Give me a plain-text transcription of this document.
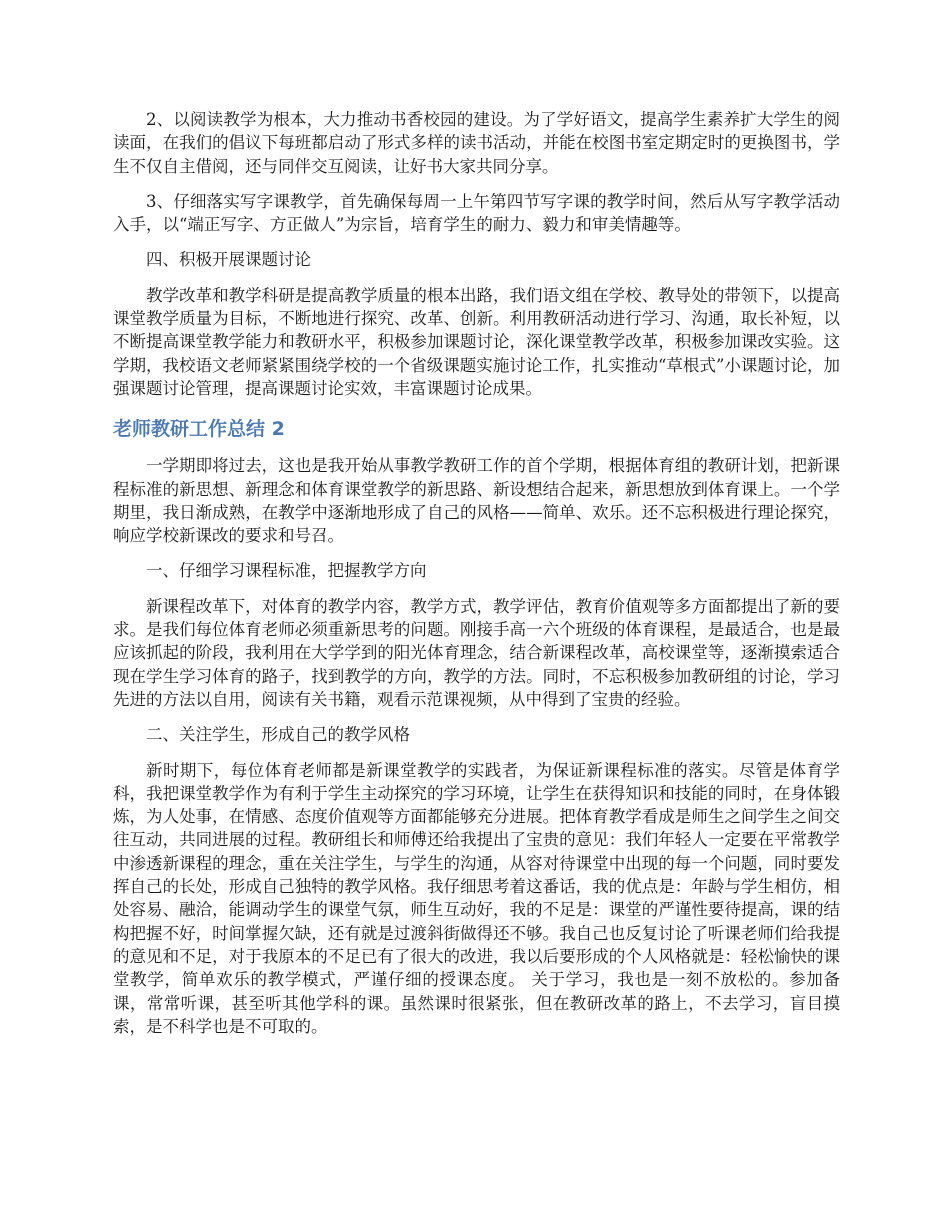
2、以阅读教学为根本，大力推动书香校园的建设。为了学好语文，提高学生素养扩大学生的阅读面，在我们的倡议下每班都启动了形式多样的读书活动，并能在校图书室定期定时的更换图书，学生不仅自主借阅，还与同伴交互阅读，让好书大家共同分享。

3、仔细落实写字课教学，首先确保每周一上午第四节写字课的教学时间，然后从写字教学活动入手，以“端正写字、方正做人”为宗旨，培育学生的耐力、毅力和审美情趣等。

四、积极开展课题讨论

教学改革和教学科研是提高教学质量的根本出路，我们语文组在学校、教导处的带领下，以提高课堂教学质量为目标，不断地进行探究、改革、创新。利用教研活动进行学习、沟通，取长补短，以不断提高课堂教学能力和教研水平，积极参加课题讨论，深化课堂教学改革，积极参加课改实验。这学期，我校语文老师紧紧围绕学校的一个省级课题实施讨论工作，扎实推动“草根式”小课题讨论，加强课题讨论管理，提高课题讨论实效，丰富课题讨论成果。

老师教研工作总结 2

一学期即将过去，这也是我开始从事教学教研工作的首个学期，根据体育组的教研计划，把新课程标准的新思想、新理念和体育课堂教学的新思路、新设想结合起来，新思想放到体育课上。一个学期里，我日渐成熟，在教学中逐渐地形成了自己的风格——简单、欢乐。还不忘积极进行理论探究，响应学校新课改的要求和号召。

一、仔细学习课程标准，把握教学方向

新课程改革下，对体育的教学内容，教学方式，教学评估，教育价值观等多方面都提出了新的要求。是我们每位体育老师必须重新思考的问题。刚接手高一六个班级的体育课程，是最适合，也是最应该抓起的阶段，我利用在大学学到的阳光体育理念，结合新课程改革，高校课堂等，逐渐摸索适合现在学生学习体育的路子，找到教学的方向，教学的方法。同时，不忘积极参加教研组的讨论，学习先进的方法以自用，阅读有关书籍，观看示范课视频，从中得到了宝贵的经验。

二、关注学生，形成自己的教学风格

新时期下，每位体育老师都是新课堂教学的实践者，为保证新课程标准的落实。尽管是体育学科，我把课堂教学作为有利于学生主动探究的学习环境，让学生在获得知识和技能的同时，在身体锻炼，为人处事，在情感、态度价值观等方面都能够充分进展。把体育教学看成是师生之间学生之间交往互动，共同进展的过程。教研组长和师傅还给我提出了宝贵的意见：我们年轻人一定要在平常教学中渗透新课程的理念，重在关注学生，与学生的沟通，从容对待课堂中出现的每一个问题，同时要发挥自己的长处，形成自己独特的教学风格。我仔细思考着这番话，我的优点是：年龄与学生相仿，相处容易、融洽，能调动学生的课堂气氛，师生互动好，我的不足是：课堂的严谨性要待提高，课的结构把握不好，时间掌握欠缺，还有就是过渡斜街做得还不够。我自己也反复讨论了听课老师们给我提的意见和不足，对于我原本的不足已有了很大的改进，我以后要形成的个人风格就是：轻松愉快的课堂教学，简单欢乐的教学模式，严谨仔细的授课态度。 关于学习，我也是一刻不放松的。参加备课，常常听课，甚至听其他学科的课。虽然课时很紧张，但在教研改革的路上，不去学习，盲目摸索，是不科学也是不可取的。
